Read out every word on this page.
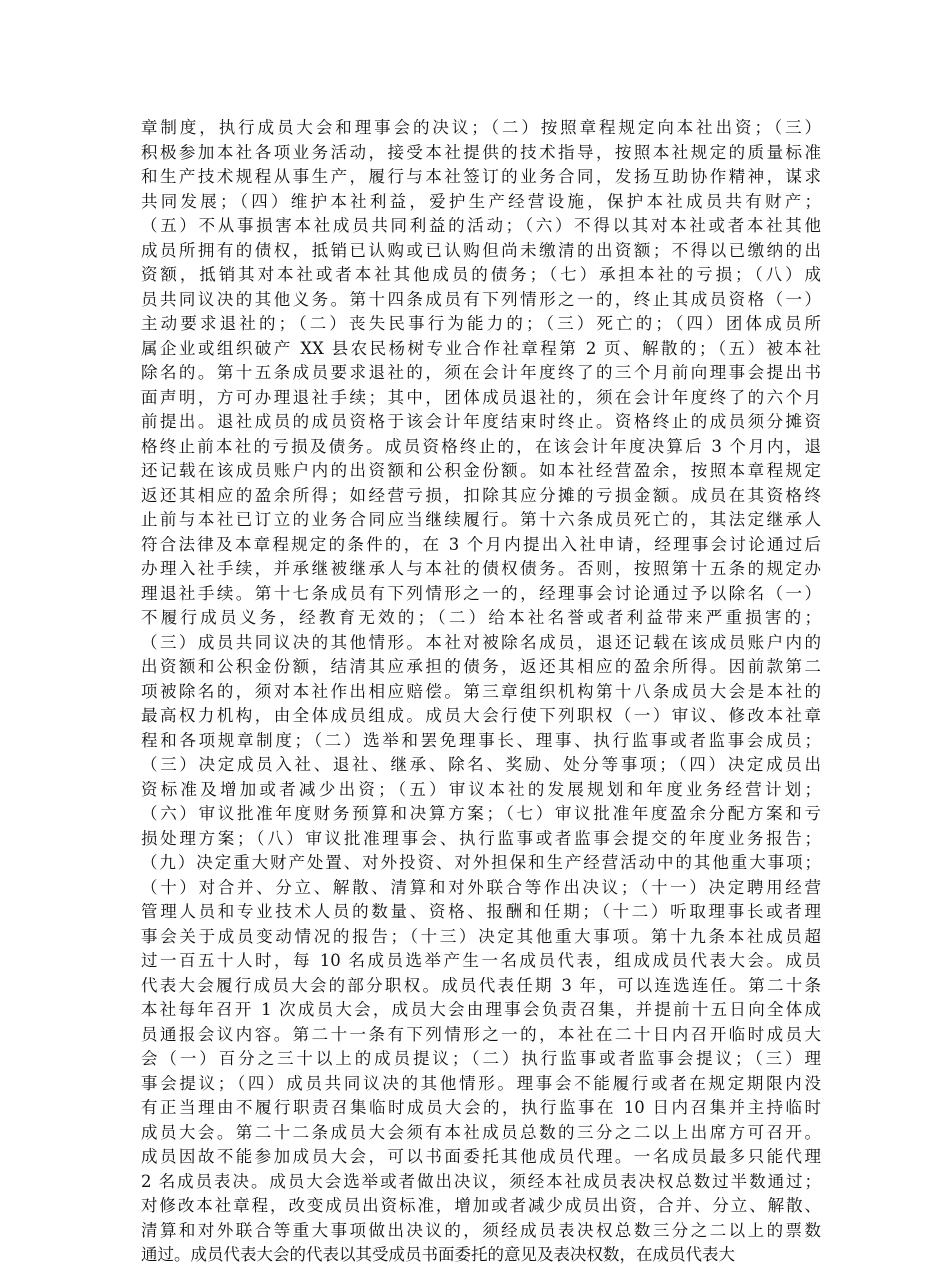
章制度，执行成员大会和理事会的决议；（二）按照章程规定向本社出资；（三）
积极参加本社各项业务活动，接受本社提供的技术指导，按照本社规定的质量标准
和生产技术规程从事生产，履行与本社签订的业务合同，发扬互助协作精神，谋求
共同发展；（四）维护本社利益，爱护生产经营设施，保护本社成员共有财产；
（五）不从事损害本社成员共同利益的活动；（六）不得以其对本社或者本社其他
成员所拥有的债权，抵销已认购或已认购但尚未缴清的出资额；不得以已缴纳的出
资额，抵销其对本社或者本社其他成员的债务；（七）承担本社的亏损；（八）成
员共同议决的其他义务。第十四条成员有下列情形之一的，终止其成员资格（一）
主动要求退社的；（二）丧失民事行为能力的；（三）死亡的；（四）团体成员所
属企业或组织破产 XX 县农民杨树专业合作社章程第 2 页、解散的；（五）被本社
除名的。第十五条成员要求退社的，须在会计年度终了的三个月前向理事会提出书
面声明，方可办理退社手续；其中，团体成员退社的，须在会计年度终了的六个月
前提出。退社成员的成员资格于该会计年度结束时终止。资格终止的成员须分摊资
格终止前本社的亏损及债务。成员资格终止的，在该会计年度决算后 3 个月内，退
还记载在该成员账户内的出资额和公积金份额。如本社经营盈余，按照本章程规定
返还其相应的盈余所得；如经营亏损，扣除其应分摊的亏损金额。成员在其资格终
止前与本社已订立的业务合同应当继续履行。第十六条成员死亡的，其法定继承人
符合法律及本章程规定的条件的，在 3 个月内提出入社申请，经理事会讨论通过后
办理入社手续，并承继被继承人与本社的债权债务。否则，按照第十五条的规定办
理退社手续。第十七条成员有下列情形之一的，经理事会讨论通过予以除名（一）
不履行成员义务，经教育无效的；（二）给本社名誉或者利益带来严重损害的；
（三）成员共同议决的其他情形。本社对被除名成员，退还记载在该成员账户内的
出资额和公积金份额，结清其应承担的债务，返还其相应的盈余所得。因前款第二
项被除名的，须对本社作出相应赔偿。第三章组织机构第十八条成员大会是本社的
最高权力机构，由全体成员组成。成员大会行使下列职权（一）审议、修改本社章
程和各项规章制度；（二）选举和罢免理事长、理事、执行监事或者监事会成员；
（三）决定成员入社、退社、继承、除名、奖励、处分等事项；（四）决定成员出
资标准及增加或者减少出资；（五）审议本社的发展规划和年度业务经营计划；
（六）审议批准年度财务预算和决算方案；（七）审议批准年度盈余分配方案和亏
损处理方案；（八）审议批准理事会、执行监事或者监事会提交的年度业务报告；
（九）决定重大财产处置、对外投资、对外担保和生产经营活动中的其他重大事项；
（十）对合并、分立、解散、清算和对外联合等作出决议；（十一）决定聘用经营
管理人员和专业技术人员的数量、资格、报酬和任期；（十二）听取理事长或者理
事会关于成员变动情况的报告；（十三）决定其他重大事项。第十九条本社成员超
过一百五十人时，每 10 名成员选举产生一名成员代表，组成成员代表大会。成员
代表大会履行成员大会的部分职权。成员代表任期 3 年，可以连选连任。第二十条
本社每年召开 1 次成员大会，成员大会由理事会负责召集，并提前十五日向全体成
员通报会议内容。第二十一条有下列情形之一的，本社在二十日内召开临时成员大
会（一）百分之三十以上的成员提议；（二）执行监事或者监事会提议；（三）理
事会提议；（四）成员共同议决的其他情形。理事会不能履行或者在规定期限内没
有正当理由不履行职责召集临时成员大会的，执行监事在 10 日内召集并主持临时
成员大会。第二十二条成员大会须有本社成员总数的三分之二以上出席方可召开。
成员因故不能参加成员大会，可以书面委托其他成员代理。一名成员最多只能代理
2 名成员表决。成员大会选举或者做出决议，须经本社成员表决权总数过半数通过；
对修改本社章程，改变成员出资标准，增加或者减少成员出资，合并、分立、解散、
清算和对外联合等重大事项做出决议的，须经成员表决权总数三分之二以上的票数
通过。成员代表大会的代表以其受成员书面委托的意见及表决权数，在成员代表大
